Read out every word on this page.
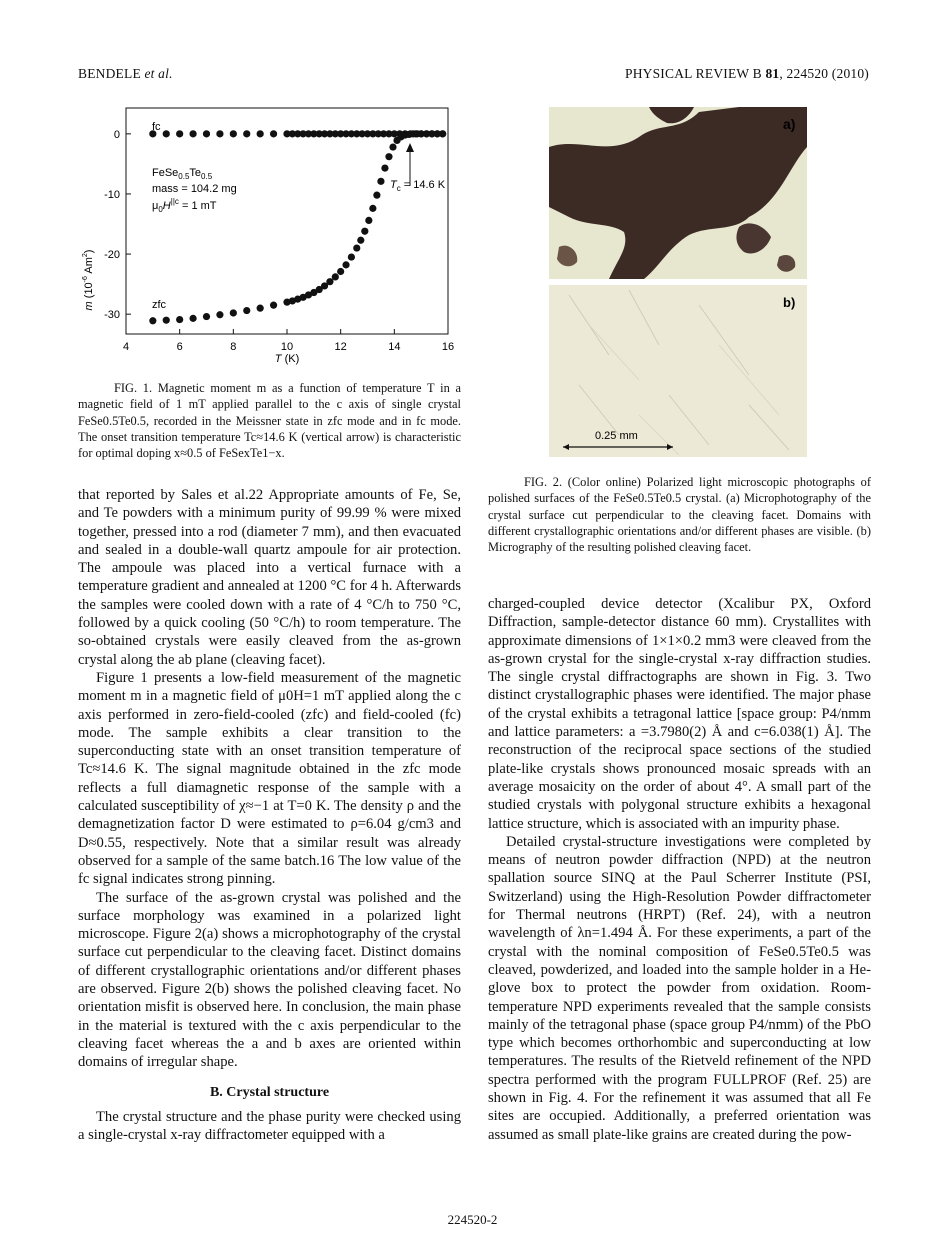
BENDELE et al.	PHYSICAL REVIEW B 81, 224520 (2010)
m ($10^{-6}$ Am$^2$)
0
-10
-20
-30
4	6	8	10	12	14	16
fc
zfc
$FeSe_{0.5}Te_{0.5}$
mass = 104.2 mg
$\mu_0H^{||c} = 1$ mT
$T_c = 14.6$ K
T (K)

FIG. 1. Magnetic moment m as a function of temperature T in a magnetic field of 1 mT applied parallel to the c axis of single crystal FeSe0.5Te0.5, recorded in the Meissner state in zfc mode and in fc mode. The onset transition temperature Tc≈14.6 K (vertical arrow) is characteristic for optimal doping x≈0.5 of FeSexTe1−x.

a)
b)
0.25 mm

FIG. 2. (Color online) Polarized light microscopic photographs of polished surfaces of the FeSe0.5Te0.5 crystal. (a) Microphotography of the crystal surface cut perpendicular to the cleaving facet. Domains with different crystallographic orientations and/or different phases are visible. (b) Micrography of the resulting polished cleaving facet.

that reported by Sales et al.22 Appropriate amounts of Fe, Se, and Te powders with a minimum purity of 99.99 % were mixed together, pressed into a rod (diameter 7 mm), and then evacuated and sealed in a double-wall quartz ampoule for air protection. The ampoule was placed into a vertical furnace with a temperature gradient and annealed at 1200 °C for 4 h. Afterwards the samples were cooled down with a rate of 4 °C/h to 750 °C, followed by a quick cooling (50 °C/h) to room temperature. The so-obtained crystals were easily cleaved from the as-grown crystal along the ab plane (cleaving facet).

Figure 1 presents a low-field measurement of the magnetic moment m in a magnetic field of μ0H=1 mT applied along the c axis performed in zero-field-cooled (zfc) and field-cooled (fc) mode. The sample exhibits a clear transition to the superconducting state with an onset transition temperature of Tc≈14.6 K. The signal magnitude obtained in the zfc mode reflects a full diamagnetic response of the sample with a calculated susceptibility of χ≈−1 at T=0 K. The density ρ and the demagnetization factor D were estimated to ρ=6.04 g/cm3 and D≈0.55, respectively. Note that a similar result was already observed for a sample of the same batch.16 The low value of the fc signal indicates strong pinning.

The surface of the as-grown crystal was polished and the surface morphology was examined in a polarized light microscope. Figure 2(a) shows a microphotography of the crystal surface cut perpendicular to the cleaving facet. Distinct domains of different crystallographic orientations and/or different phases are observed. Figure 2(b) shows the polished cleaving facet. No orientation misfit is observed here. In conclusion, the main phase in the material is textured with the c axis perpendicular to the cleaving facet whereas the a and b axes are oriented within domains of irregular shape.

B. Crystal structure

The crystal structure and the phase purity were checked using a single-crystal x-ray diffractometer equipped with a

charged-coupled device detector (Xcalibur PX, Oxford Diffraction, sample-detector distance 60 mm). Crystallites with approximate dimensions of 1×1×0.2 mm3 were cleaved from the as-grown crystal for the single-crystal x-ray diffraction studies. The single crystal diffractographs are shown in Fig. 3. Two distinct crystallographic phases were identified. The major phase of the crystal exhibits a tetragonal lattice [space group: P4/nmm and lattice parameters: a =3.7980(2) Å and c=6.038(1) Å]. The reconstruction of the reciprocal space sections of the studied plate-like crystals shows pronounced mosaic spreads with an average mosaicity on the order of about 4°. A small part of the studied crystals with polygonal structure exhibits a hexagonal lattice structure, which is associated with an impurity phase.

Detailed crystal-structure investigations were completed by means of neutron powder diffraction (NPD) at the neutron spallation source SINQ at the Paul Scherrer Institute (PSI, Switzerland) using the High-Resolution Powder diffractometer for Thermal neutrons (HRPT) (Ref. 24), with a neutron wavelength of λn=1.494 Å. For these experiments, a part of the crystal with the nominal composition of FeSe0.5Te0.5 was cleaved, powderized, and loaded into the sample holder in a He-glove box to protect the powder from oxidation. Room-temperature NPD experiments revealed that the sample consists mainly of the tetragonal phase (space group P4/nmm) of the PbO type which becomes orthorhombic and superconducting at low temperatures. The results of the Rietveld refinement of the NPD spectra performed with the program FULLPROF (Ref. 25) are shown in Fig. 4. For the refinement it was assumed that all Fe sites are occupied. Additionally, a preferred orientation was assumed as small plate-like grains are created during the pow-

224520-2
